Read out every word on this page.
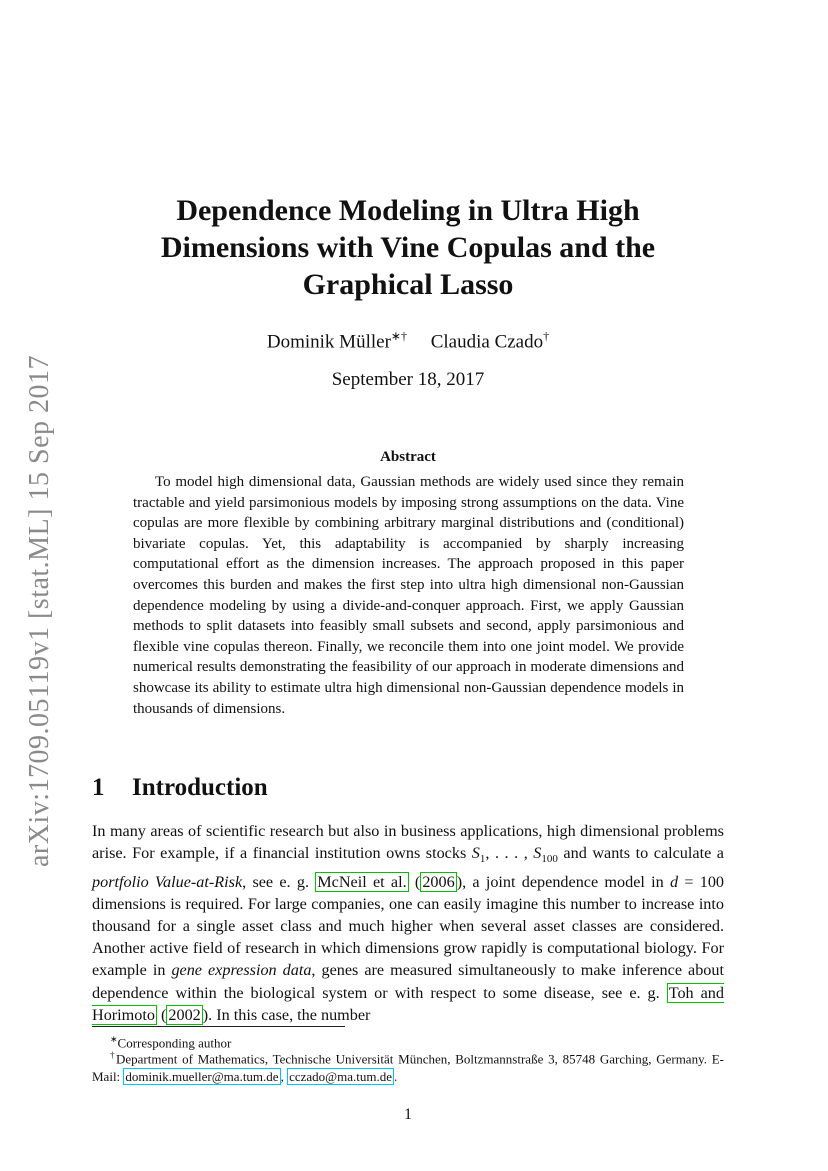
arXiv:1709.05119v1 [stat.ML] 15 Sep 2017
Dependence Modeling in Ultra High
Dimensions with Vine Copulas and the
Graphical Lasso
Dominik Müller∗† Claudia Czado†
September 18, 2017
Abstract

To model high dimensional data, Gaussian methods are widely used since they remain tractable and yield parsimonious models by imposing strong assumptions on the data. Vine copulas are more flexible by combining arbitrary marginal distributions and (conditional) bivariate copulas. Yet, this adaptability is accompanied by sharply increasing computational effort as the dimension increases. The approach proposed in this paper overcomes this burden and makes the first step into ultra high dimensional non-Gaussian dependence modeling by using a divide-and-conquer approach. First, we apply Gaussian methods to split datasets into feasibly small subsets and second, apply parsimonious and flexible vine copulas thereon. Finally, we reconcile them into one joint model. We provide numerical results demonstrating the feasibility of our approach in moderate dimensions and showcase its ability to estimate ultra high dimensional non-Gaussian dependence models in thousands of dimensions.

1 Introduction

In many areas of scientific research but also in business applications, high dimensional problems arise. For example, if a financial institution owns stocks $S_1$, . . . , $S_{100}$ and wants to calculate a portfolio Value-at-Risk, see e. g. McNeil et al. ( 2006 ), a joint dependence model in d = 100 dimensions is required. For large companies, one can easily imagine this number to increase into thousand for a single asset class and much higher when several asset classes are considered. Another active field of research in which dimensions grow rapidly is computational biology. For example in gene expression data, genes are measured simultaneously to make inference about dependence within the biological system or with respect to some disease, see e. g. Toh and Horimoto ( 2002 ). In this case, the number

∗Corresponding author

†Department of Mathematics, Technische Universität München, Boltzmannstraße 3, 85748 Garching, Germany. E-Mail: dominik.mueller@ma.tum.de , cczado@ma.tum.de .

1
